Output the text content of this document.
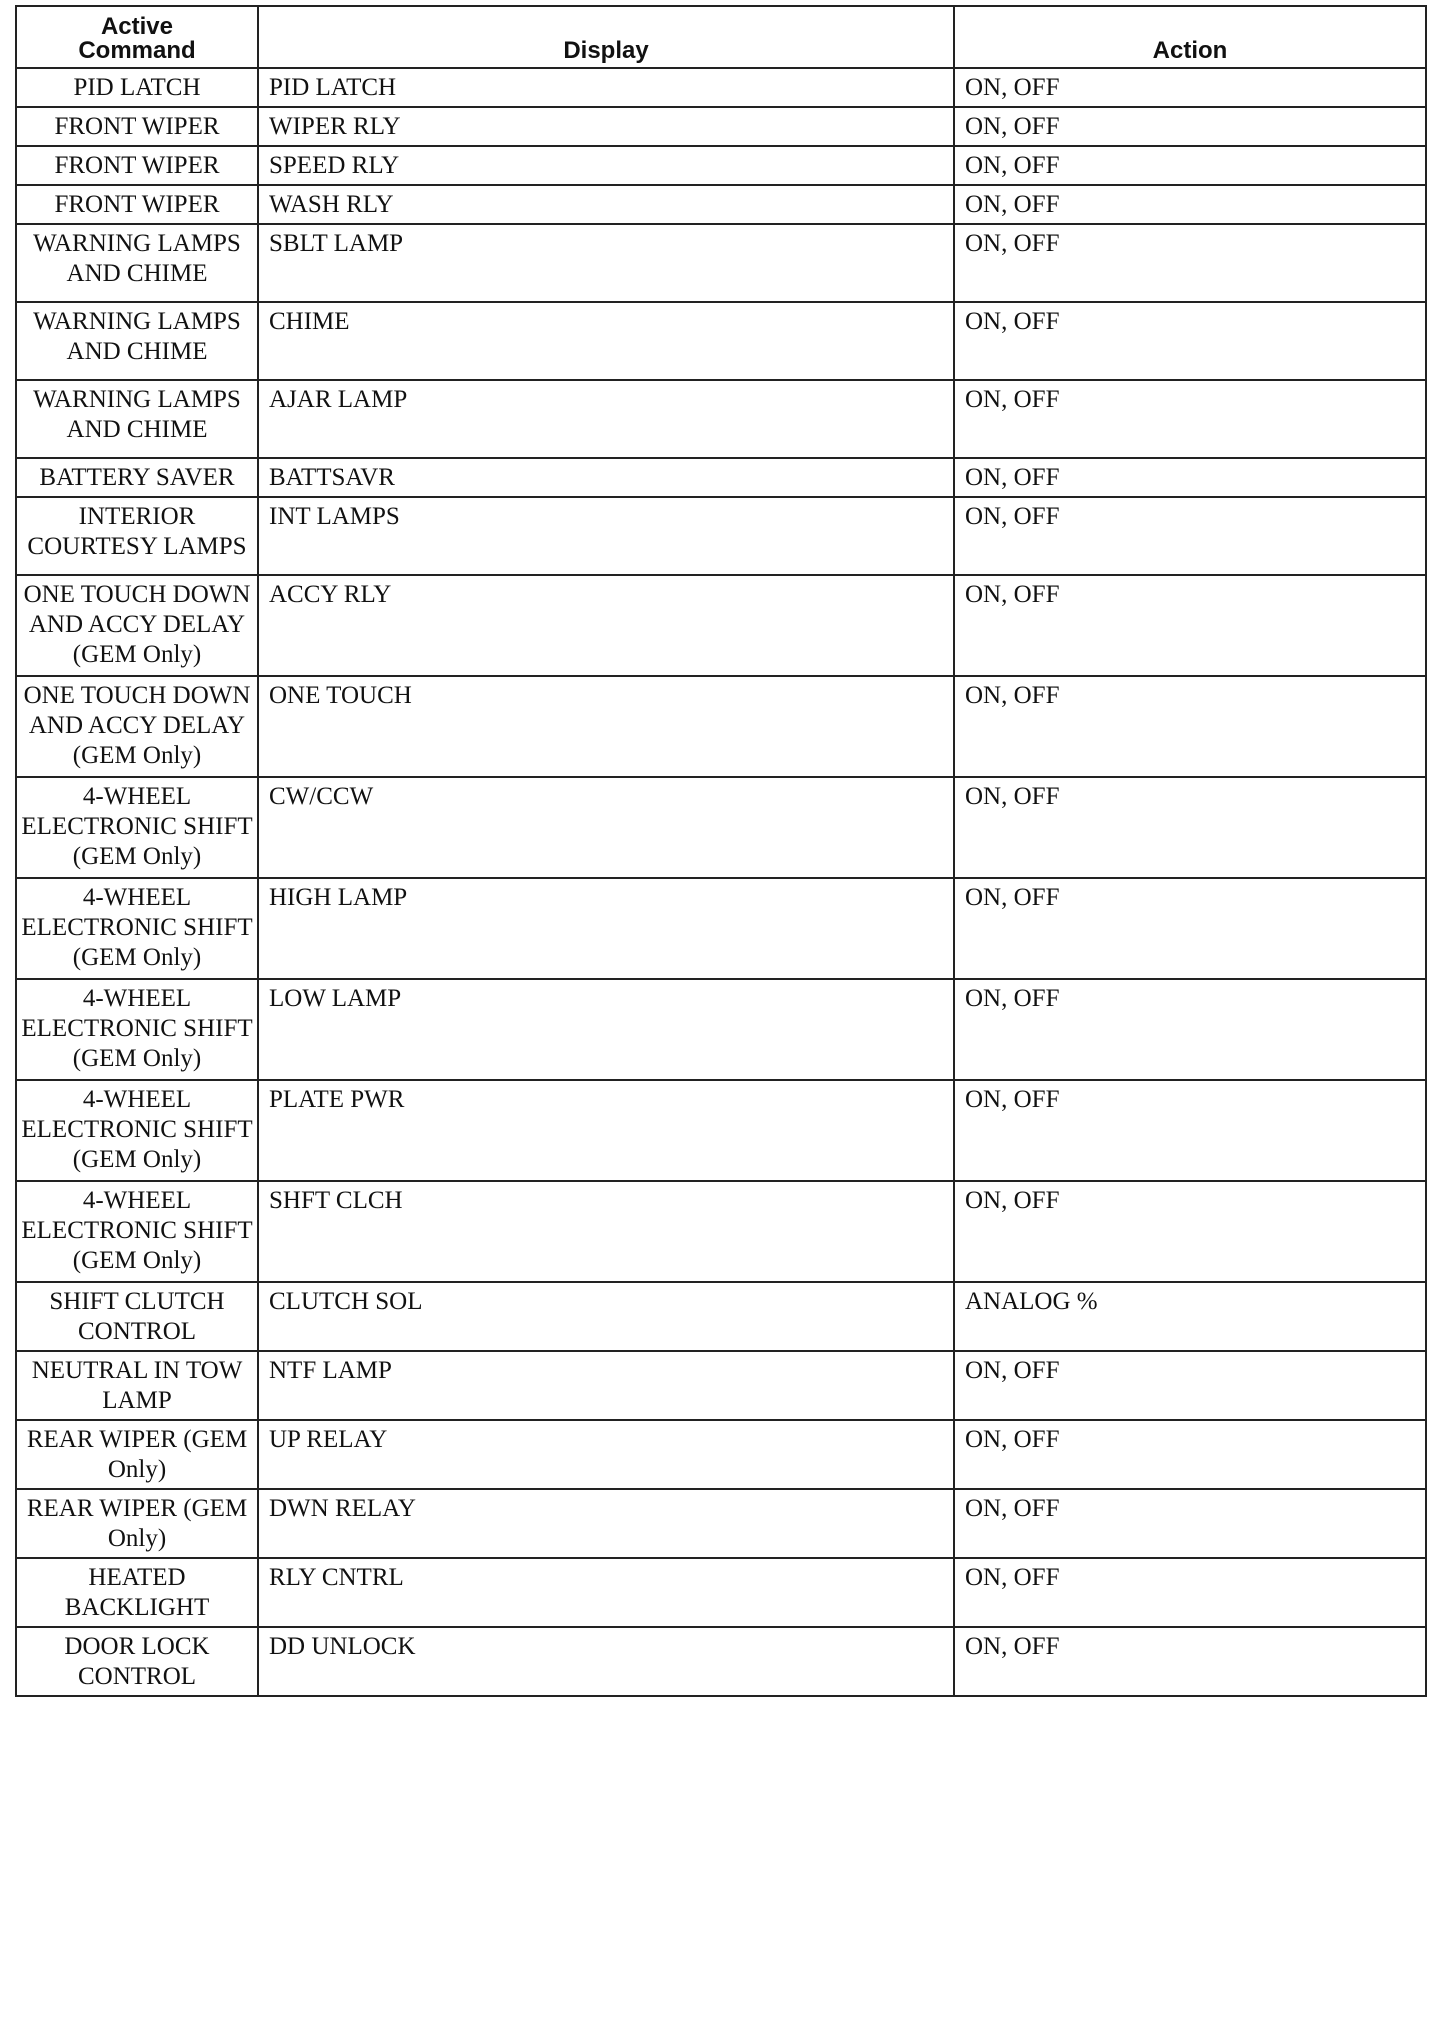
Active
Command	Display	Action
PID LATCH	PID LATCH	ON, OFF
FRONT WIPER	WIPER RLY	ON, OFF
FRONT WIPER	SPEED RLY	ON, OFF
FRONT WIPER	WASH RLY	ON, OFF
WARNING LAMPS AND CHIME	SBLT LAMP	ON, OFF
WARNING LAMPS AND CHIME	CHIME	ON, OFF
WARNING LAMPS AND CHIME	AJAR LAMP	ON, OFF
BATTERY SAVER	BATTSAVR	ON, OFF
INTERIOR COURTESY LAMPS	INT LAMPS	ON, OFF
ONE TOUCH DOWN AND ACCY DELAY (GEM Only)	ACCY RLY	ON, OFF
ONE TOUCH DOWN AND ACCY DELAY (GEM Only)	ONE TOUCH	ON, OFF
4-WHEEL ELECTRONIC SHIFT (GEM Only)	CW/CCW	ON, OFF
4-WHEEL ELECTRONIC SHIFT (GEM Only)	HIGH LAMP	ON, OFF
4-WHEEL ELECTRONIC SHIFT (GEM Only)	LOW LAMP	ON, OFF
4-WHEEL ELECTRONIC SHIFT (GEM Only)	PLATE PWR	ON, OFF
4-WHEEL ELECTRONIC SHIFT (GEM Only)	SHFT CLCH	ON, OFF
SHIFT CLUTCH CONTROL	CLUTCH SOL	ANALOG %
NEUTRAL IN TOW LAMP	NTF LAMP	ON, OFF
REAR WIPER (GEM Only)	UP RELAY	ON, OFF
REAR WIPER (GEM Only)	DWN RELAY	ON, OFF
HEATED BACKLIGHT	RLY CNTRL	ON, OFF
DOOR LOCK CONTROL	DD UNLOCK	ON, OFF
